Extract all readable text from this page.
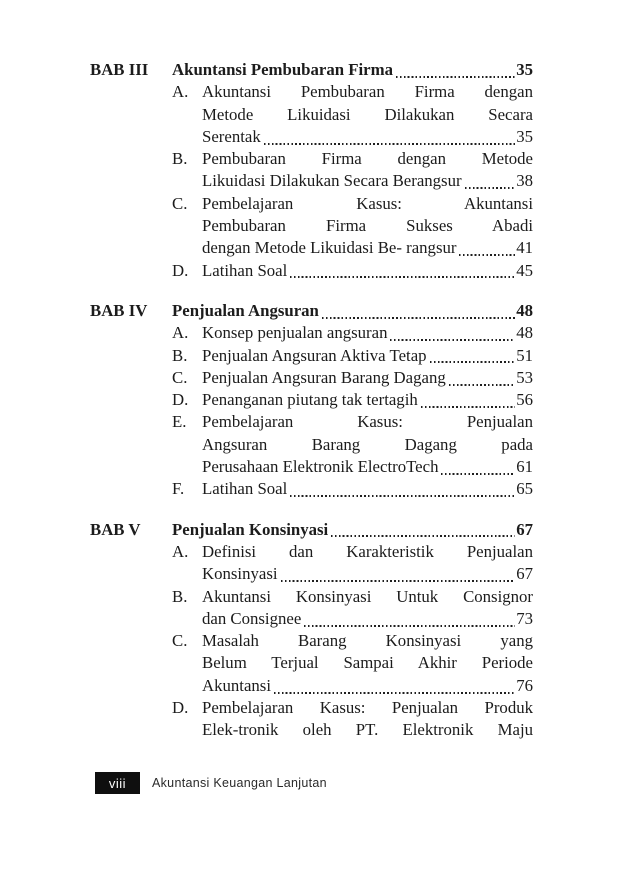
BAB III	Akuntansi Pembubaran Firma	35
A. Akuntansi Pembubaran Firma dengan
Metode Likuidasi Dilakukan Secara
Serentak	35
B. Pembubaran Firma dengan Metode
Likuidasi Dilakukan Secara Berangsur	38
C. Pembelajaran Kasus: Akuntansi
Pembubaran Firma Sukses Abadi
dengan Metode Likuidasi Be- rangsur	41
D. Latihan Soal	45
BAB IV	Penjualan Angsuran	48
A. Konsep penjualan angsuran	48
B. Penjualan Angsuran Aktiva Tetap	51
C. Penjualan Angsuran Barang Dagang	53
D. Penanganan piutang tak tertagih	56
E. Pembelajaran Kasus: Penjualan
Angsuran Barang Dagang pada
Perusahaan Elektronik ElectroTech	61
F.	Latihan Soal	65
BAB V	Penjualan Konsinyasi	67
A. Definisi dan Karakteristik Penjualan
Konsinyasi	67
B. Akuntansi Konsinyasi Untuk Consignor
dan Consignee	73
C. Masalah Barang Konsinyasi yang
Belum Terjual Sampai Akhir Periode
Akuntansi	76
D. Pembelajaran Kasus: Penjualan Produk
Elek-tronik oleh PT. Elektronik Maju
viii Akuntansi Keuangan Lanjutan
